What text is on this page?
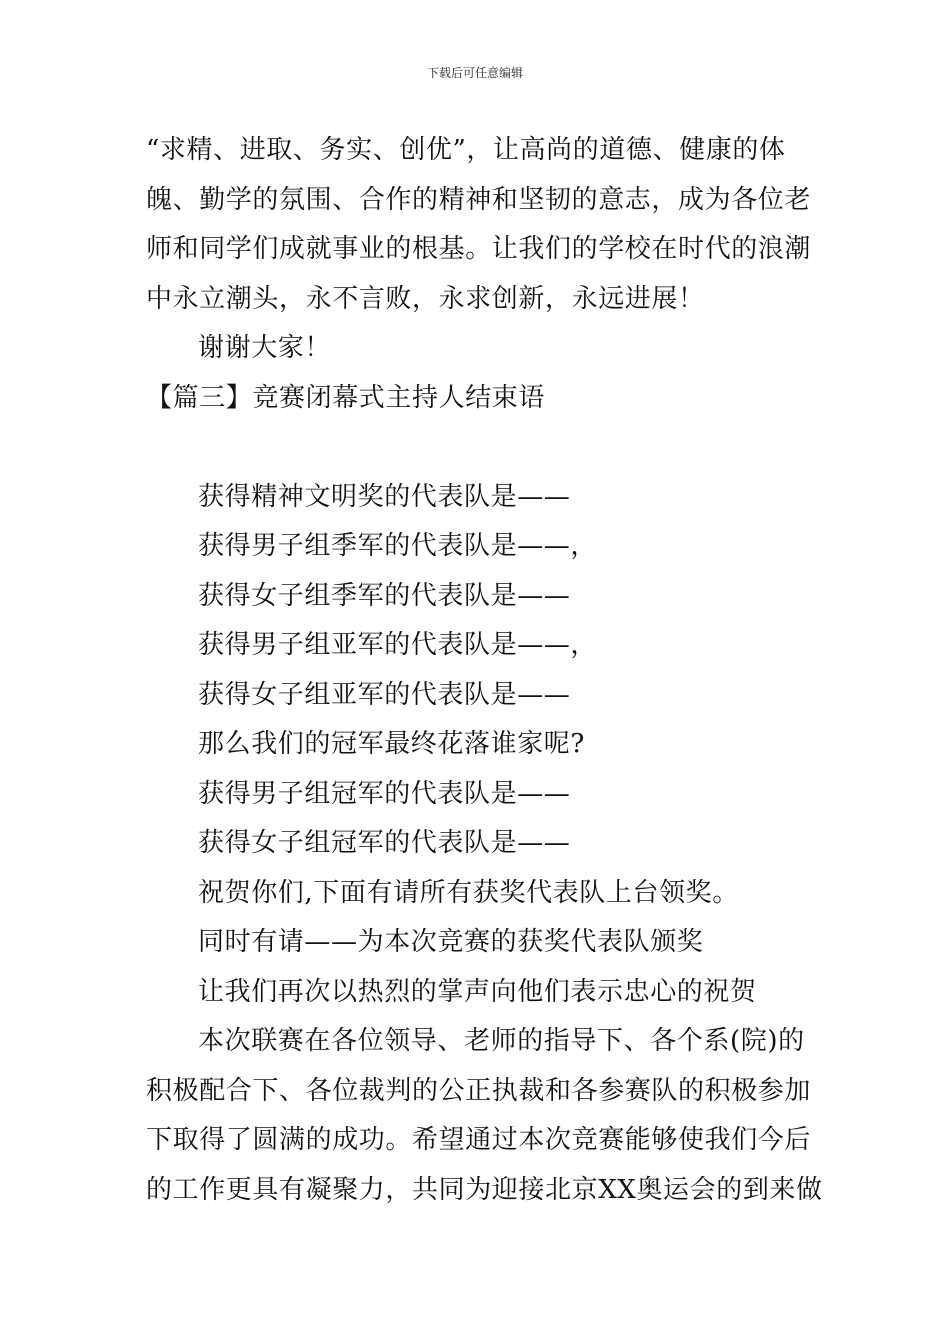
下载后可任意编辑
“求精、进取、务实、创优”，让高尚的道德、健康的体
魄、勤学的氛围、合作的精神和坚韧的意志，成为各位老
师和同学们成就事业的根基。让我们的学校在时代的浪潮
中永立潮头，永不言败，永求创新，永远进展！
谢谢大家！
【篇三】竞赛闭幕式主持人结束语
获得精神文明奖的代表队是——
获得男子组季军的代表队是——，
获得女子组季军的代表队是——
获得男子组亚军的代表队是——，
获得女子组亚军的代表队是——
那么我们的冠军最终花落谁家呢?
获得男子组冠军的代表队是——
获得女子组冠军的代表队是——
祝贺你们,下面有请所有获奖代表队上台领奖。
同时有请——为本次竞赛的获奖代表队颁奖
让我们再次以热烈的掌声向他们表示忠心的祝贺
本次联赛在各位领导、老师的指导下、各个系(院)的
积极配合下、各位裁判的公正执裁和各参赛队的积极参加
下取得了圆满的成功。希望通过本次竞赛能够使我们今后
的工作更具有凝聚力，共同为迎接北京XX奥运会的到来做
